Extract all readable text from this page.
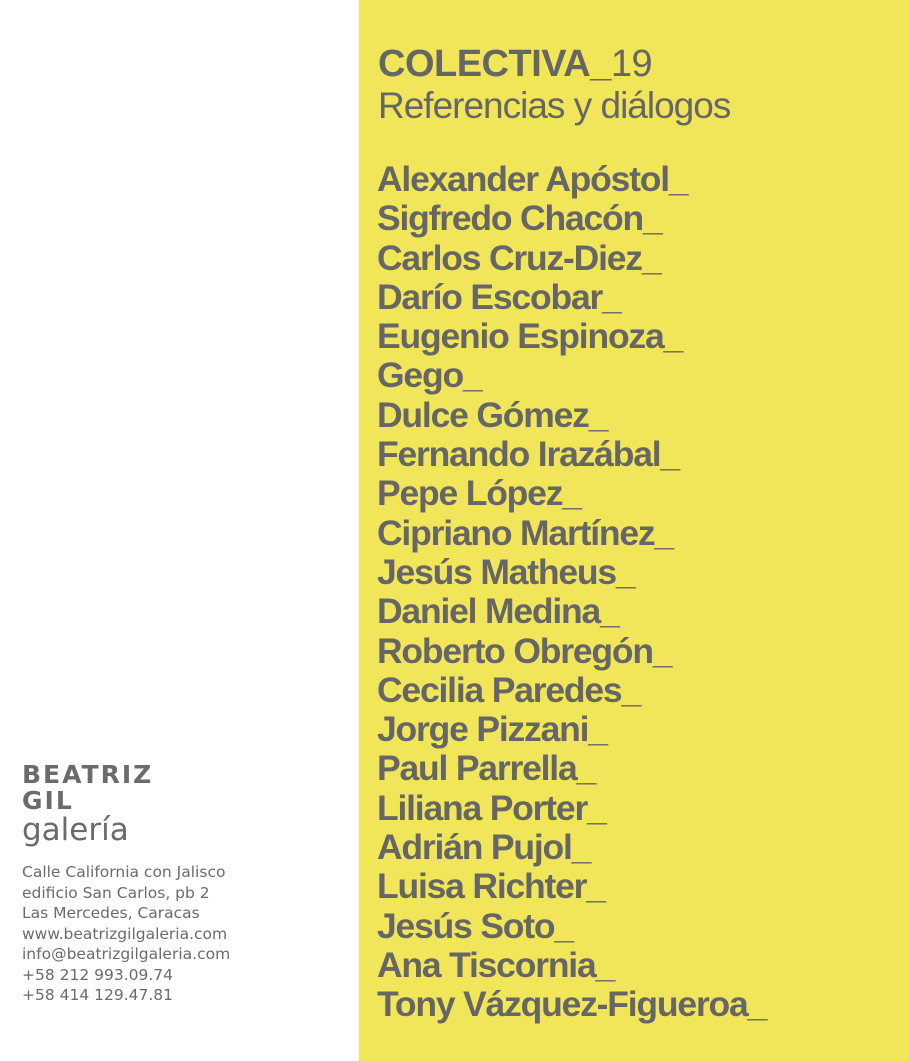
BEATRIZ
GIL
galería
Calle California con Jalisco
edificio San Carlos, pb 2
Las Mercedes, Caracas
www.beatrizgilgaleria.com
info@beatrizgilgaleria.com
+58 212 993.09.74
+58 414 129.47.81
COLECTIVA_19
Referencias y diálogos
Alexander Apóstol_
Sigfredo Chacón_
Carlos Cruz-Diez_
Darío Escobar_
Eugenio Espinoza_
Gego_
Dulce Gómez_
Fernando Irazábal_
Pepe López_
Cipriano Martínez_
Jesús Matheus_
Daniel Medina_
Roberto Obregón_
Cecilia Paredes_
Jorge Pizzani_
Paul Parrella_
Liliana Porter_
Adrián Pujol_
Luisa Richter_
Jesús Soto_
Ana Tiscornia_
Tony Vázquez-Figueroa_
